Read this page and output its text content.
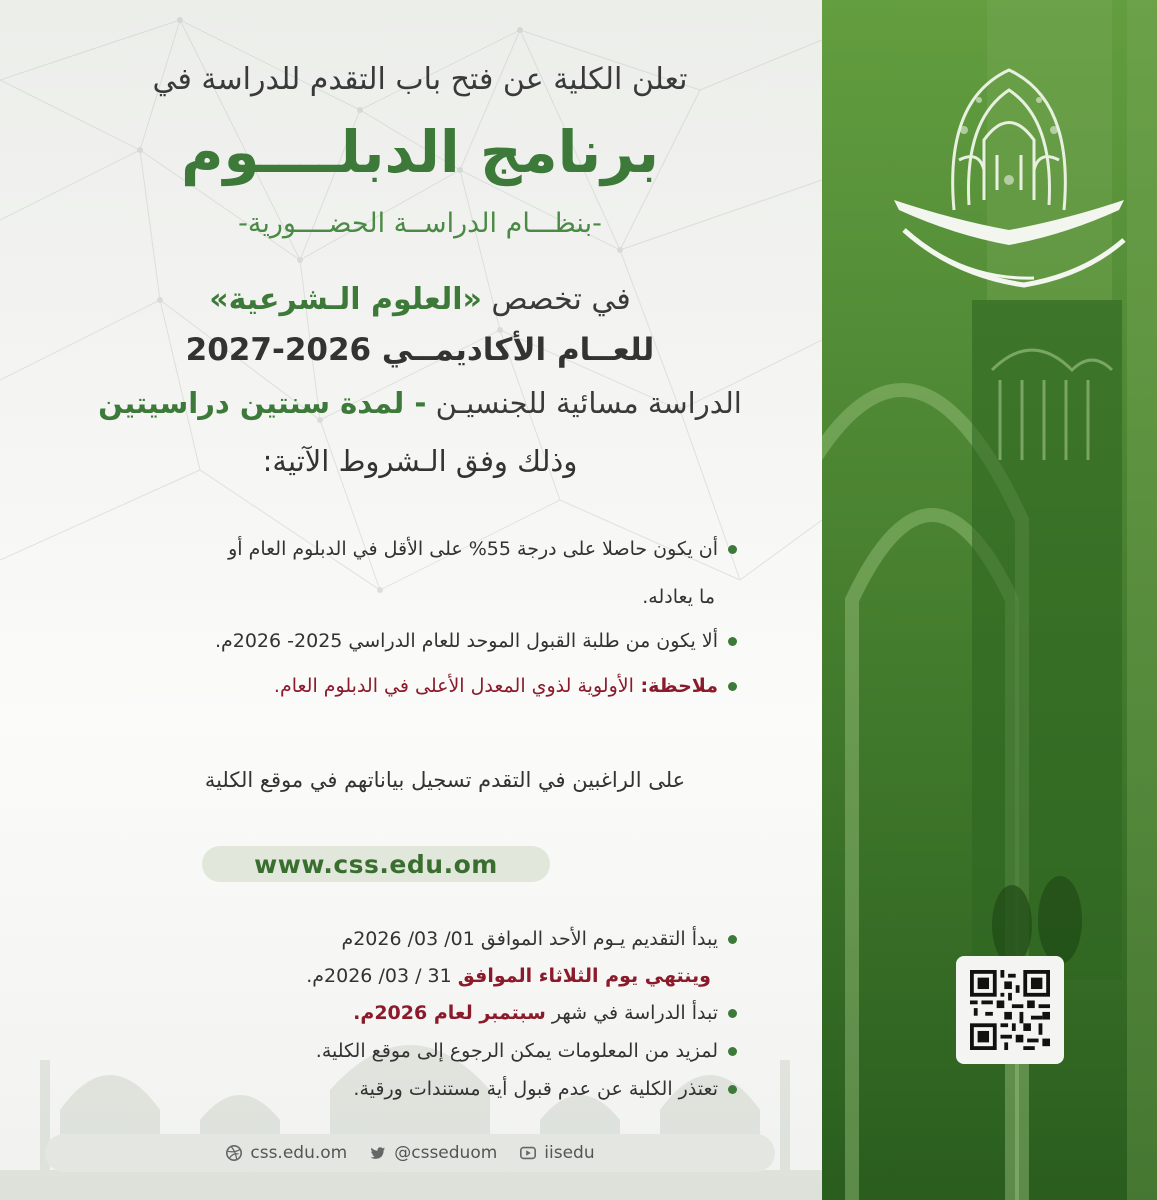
تعلن الكلية عن فتح باب التقدم للدراسة في
برنامج الدبلــــوم
-بنظـــام الدراســة الحضــــورية-
في تخصص «العلوم الـشرعية»
للعــام الأكاديمــي 2026-2027
الدراسة مسائية للجنسيـن - لمدة سنتين دراسيتين
وذلك وفق الـشروط الآتية:
أن يكون حاصلا على درجة 55% على الأقل في الدبلوم العام أو
ما يعادله.
ألا يكون من طلبة القبول الموحد للعام الدراسي 2025- 2026م.
ملاحظة: الأولوية لذوي المعدل الأعلى في الدبلوم العام.
على الراغبين في التقدم تسجيل بياناتهم في موقع الكلية
www.css.edu.om
يبدأ التقديم يـوم الأحد الموافق 01/ 03/ 2026م
وينتهي يوم الثلاثاء الموافق 31 / 03/ 2026م.
تبدأ الدراسة في شهر سبتمبر لعام 2026م.
لمزيد من المعلومات يمكن الرجوع إلى موقع الكلية.
تعتذر الكلية عن عدم قبول أية مستندات ورقية.
css.edu.om	@csseduom	iisedu
